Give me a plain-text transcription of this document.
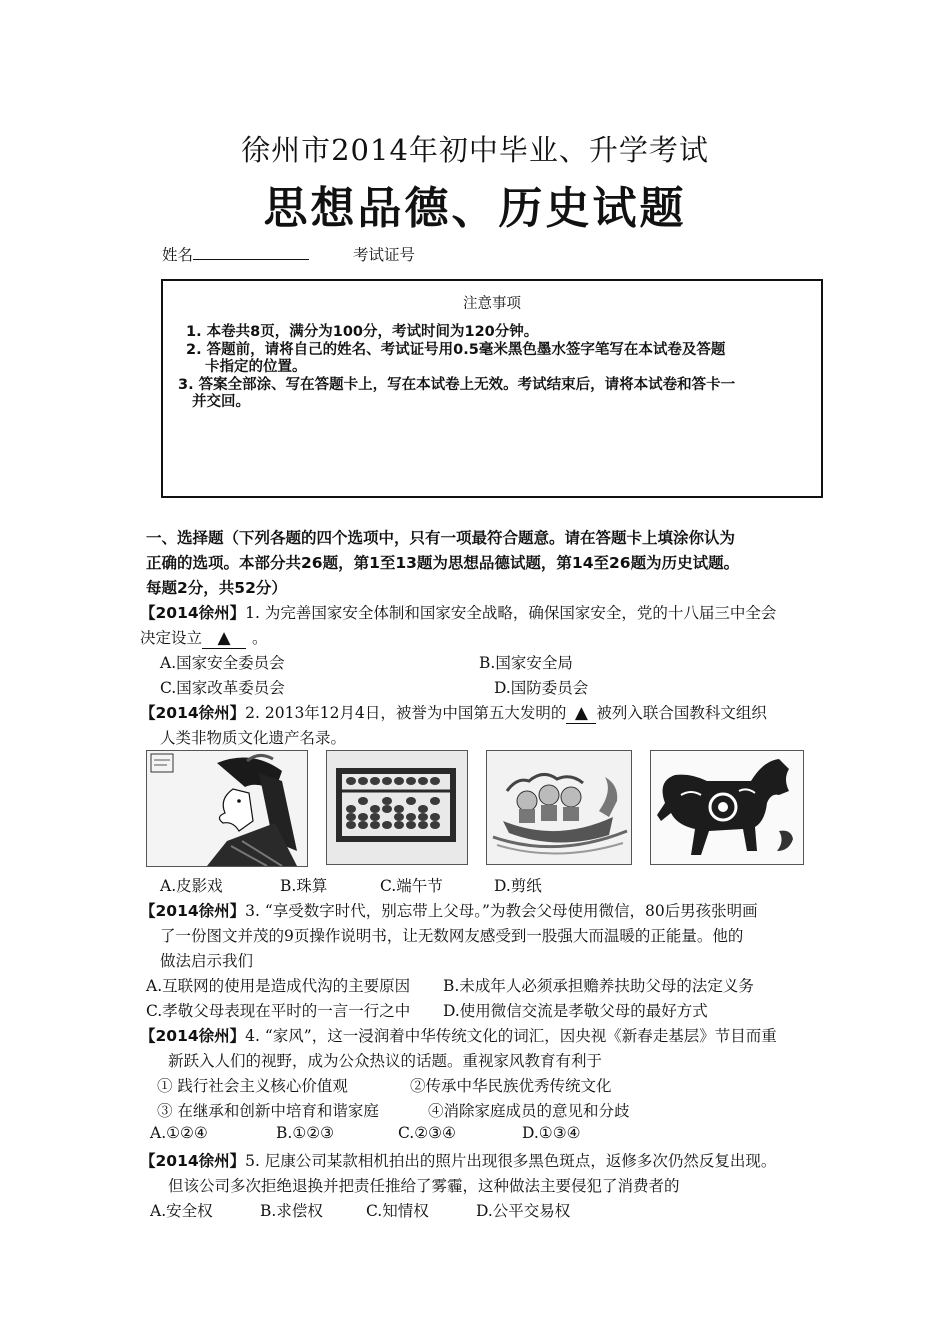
徐州市2014年初中毕业、升学考试
思想品德、历史试题
姓名	考试证号
注意事项
1. 本卷共8页，满分为100分，考试时间为120分钟。
2. 答题前，请将自己的姓名、考试证号用0.5毫米黑色墨水签字笔写在本试卷及答题
卡指定的位置。
3. 答案全部涂、写在答题卡上，写在本试卷上无效。考试结束后，请将本试卷和答卡一
并交回。
一、选择题（下列各题的四个选项中，只有一项最符合题意。请在答题卡上填涂你认为
正确的选项。本部分共26题，第1至13题为思想品德试题，第14至26题为历史试题。
每题2分，共52分）
【2014徐州】1. 为完善国家安全体制和国家安全战略，确保国家安全，党的十八届三中全会
决定设立 ▲ 。
A.国家安全委员会	B.国家安全局
C.国家改革委员会	D.国防委员会
【2014徐州】2. 2013年12月4日，被誉为中国第五大发明的 ▲ 被列入联合国教科文组织
人类非物质文化遗产名录。
A.皮影戏	B.珠算	C.端午节	D.剪纸
【2014徐州】3. “享受数字时代，别忘带上父母。”为教会父母使用微信，80后男孩张明画
了一份图文并茂的9页操作说明书，让无数网友感受到一股强大而温暖的正能量。他的
做法启示我们
A.互联网的使用是造成代沟的主要原因 B.未成年人必须承担赡养扶助父母的法定义务
C.孝敬父母表现在平时的一言一行之中 D.使用微信交流是孝敬父母的最好方式
【2014徐州】4. “家风”，这一浸润着中华传统文化的词汇，因央视《新春走基层》节目而重
新跃入人们的视野，成为公众热议的话题。重视家风教育有利于
① 践行社会主义核心价值观	②传承中华民族优秀传统文化
③ 在继承和创新中培育和谐家庭	④消除家庭成员的意见和分歧
A.①②④	B.①②③	C.②③④	D.①③④
【2014徐州】5. 尼康公司某款相机拍出的照片出现很多黑色斑点，返修多次仍然反复出现。
但该公司多次拒绝退换并把责任推给了雾霾，这种做法主要侵犯了消费者的
A.安全权	B.求偿权	C.知情权	D.公平交易权
